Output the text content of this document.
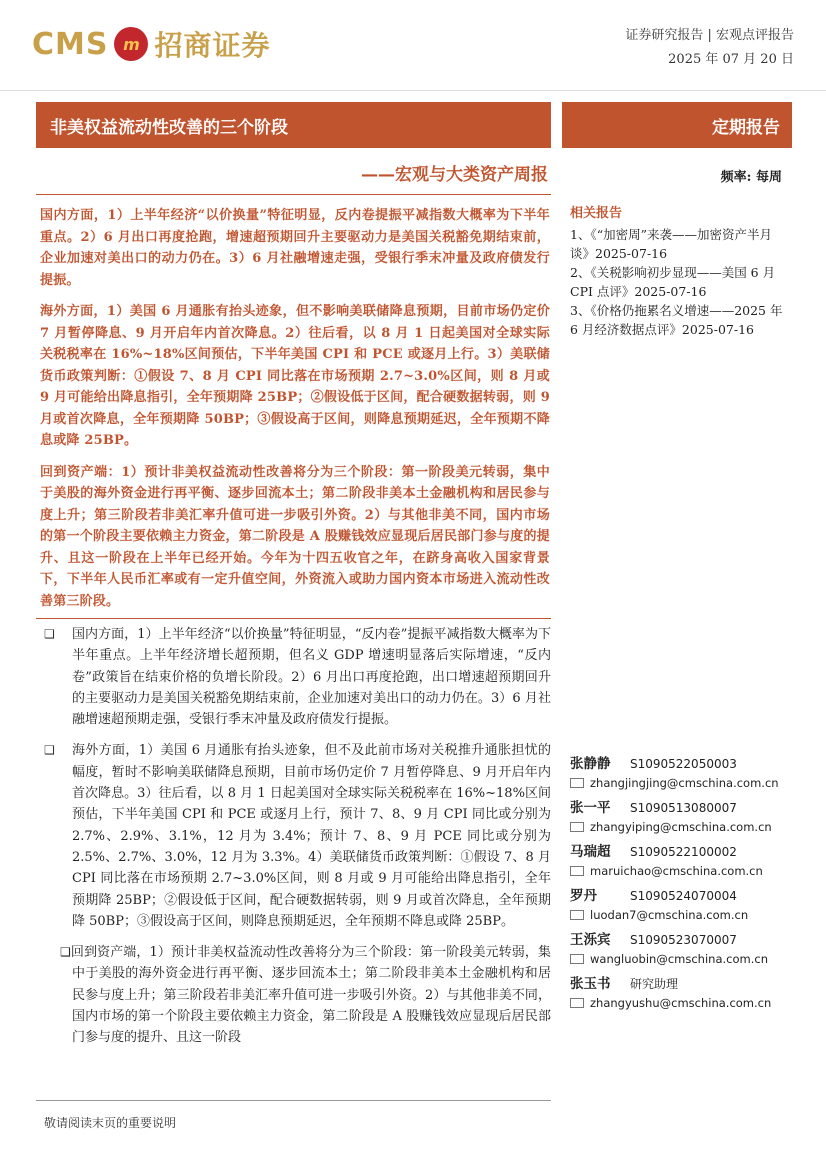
CMS m 招商证券	证券研究报告 | 宏观点评报告
2025 年 07 月 20 日
非美权益流动性改善的三个阶段	定期报告
——宏观与大类资产周报	频率: 每周

国内方面，1）上半年经济“以价换量”特征明显，反内卷提振平减指数大概率为下半年重点。2）6 月出口再度抢跑，增速超预期回升主要驱动力是美国关税豁免期结束前，企业加速对美出口的动力仍在。3）6 月社融增速走强，受银行季末冲量及政府债发行提振。

海外方面，1）美国 6 月通胀有抬头迹象，但不影响美联储降息预期，目前市场仍定价 7 月暂停降息、9 月开启年内首次降息。2）往后看，以 8 月 1 日起美国对全球实际关税税率在 16%~18%区间预估，下半年美国 CPI 和 PCE 或逐月上行。3）美联储货币政策判断：①假设 7、8 月 CPI 同比落在市场预期 2.7~3.0%区间，则 8 月或 9 月可能给出降息指引，全年预期降 25BP；②假设低于区间，配合硬数据转弱，则 9 月或首次降息，全年预期降 50BP；③假设高于区间，则降息预期延迟，全年预期不降息或降 25BP。

回到资产端：1）预计非美权益流动性改善将分为三个阶段：第一阶段美元转弱，集中于美股的海外资金进行再平衡、逐步回流本土；第二阶段非美本土金融机构和居民参与度上升；第三阶段若非美汇率升值可进一步吸引外资。2）与其他非美不同，国内市场的第一个阶段主要依赖主力资金，第二阶段是 A 股赚钱效应显现后居民部门参与度的提升、且这一阶段在上半年已经开始。今年为十四五收官之年，在跻身高收入国家背景下，下半年人民币汇率或有一定升值空间，外资流入或助力国内资本市场进入流动性改善第三阶段。

❑	国内方面，1）上半年经济“以价换量”特征明显，“反内卷”提振平减指数大概率为下半年重点。上半年经济增长超预期，但名义 GDP 增速明显落后实际增速，“反内卷”政策旨在结束价格的负增长阶段。2）6 月出口再度抢跑，出口增速超预期回升的主要驱动力是美国关税豁免期结束前，企业加速对美出口的动力仍在。3）6 月社融增速超预期走强，受银行季末冲量及政府债发行提振。
❑	海外方面，1）美国 6 月通胀有抬头迹象，但不及此前市场对关税推升通胀担忧的幅度，暂时不影响美联储降息预期，目前市场仍定价 7 月暂停降息、9 月开启年内首次降息。3）往后看，以 8 月 1 日起美国对全球实际关税税率在 16%~18%区间预估，下半年美国 CPI 和 PCE 或逐月上行，预计 7、8、9 月 CPI 同比或分别为 2.7%、2.9%、3.1%，12 月为 3.4%；预计 7、8、9 月 PCE 同比或分别为 2.5%、2.7%、3.0%，12 月为 3.3%。4）美联储货币政策判断：①假设 7、8 月 CPI 同比落在市场预期 2.7~3.0%区间，则 8 月或 9 月可能给出降息指引，全年预期降 25BP；②假设低于区间，配合硬数据转弱，则 9 月或首次降息，全年预期降 50BP；③假设高于区间，则降息预期延迟，全年预期不降息或降 25BP。
❑回到资产端，1）预计非美权益流动性改善将分为三个阶段：第一阶段美元转弱，集中于美股的海外资金进行再平衡、逐步回流本土；第二阶段非美本土金融机构和居民参与度上升；第三阶段若非美汇率升值可进一步吸引外资。2）与其他非美不同，国内市场的第一个阶段主要依赖主力资金，第二阶段是 A 股赚钱效应显现后居民部门参与度的提升、且这一阶段
相关报告
1、《“加密周”来袭——加密资产半月谈》2025-07-16
2、《关税影响初步显现——美国 6 月 CPI 点评》2025-07-16
3、《价格仍拖累名义增速——2025 年 6 月经济数据点评》2025-07-16
张静静	S1090522050003
zhangjingjing@cmschina.com.cn
张一平	S1090513080007
zhangyiping@cmschina.com.cn
马瑞超	S1090522100002
maruichao@cmschina.com.cn
罗丹	S1090524070004
luodan7@cmschina.com.cn
王泺宾	S1090523070007
wangluobin@cmschina.com.cn
张玉书	研究助理
zhangyushu@cmschina.com.cn
敬请阅读末页的重要说明
